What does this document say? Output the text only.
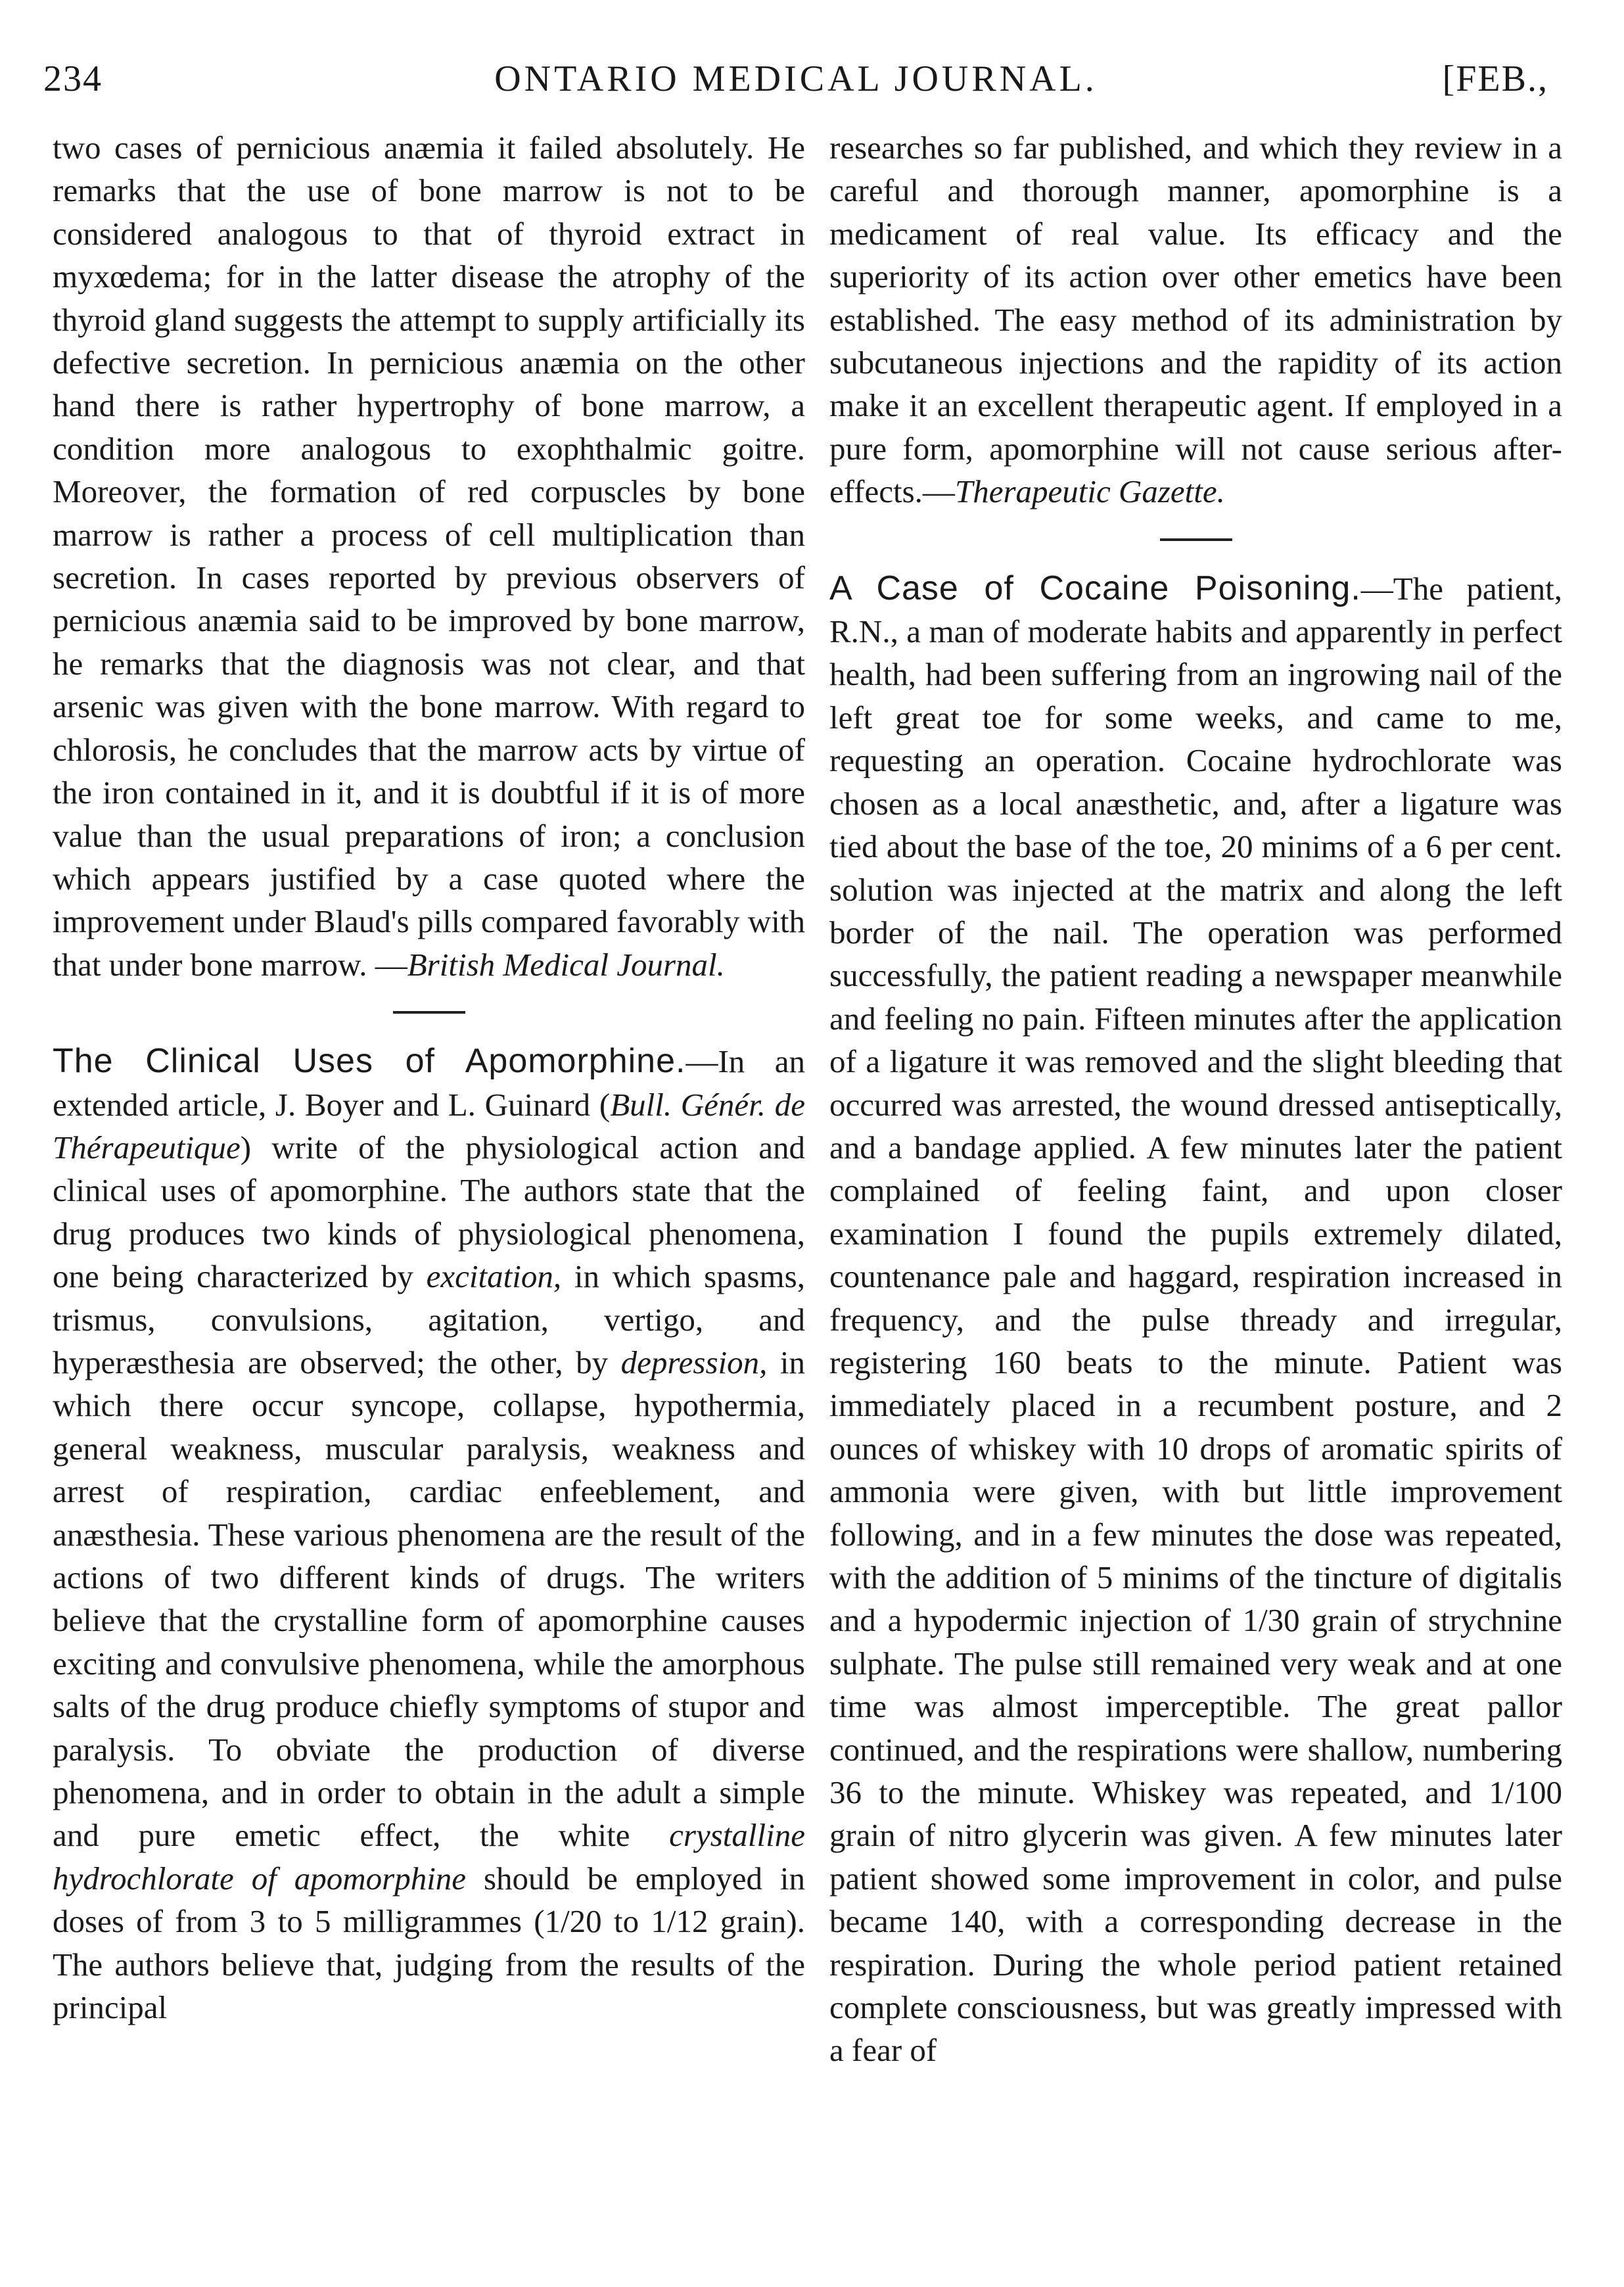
234	ONTARIO MEDICAL JOURNAL.	[FEB.,

two cases of pernicious anæmia it failed absolutely. He remarks that the use of bone marrow is not to be considered analogous to that of thyroid extract in myxœdema; for in the latter disease the atrophy of the thyroid gland suggests the attempt to supply artificially its defective secretion. In pernicious anæmia on the other hand there is rather hypertrophy of bone marrow, a condition more analogous to exophthalmic goitre. Moreover, the formation of red corpuscles by bone marrow is rather a process of cell multiplication than secretion. In cases reported by previous observers of pernicious anæmia said to be improved by bone marrow, he remarks that the diagnosis was not clear, and that arsenic was given with the bone marrow. With regard to chlorosis, he concludes that the marrow acts by virtue of the iron contained in it, and it is doubtful if it is of more value than the usual preparations of iron; a conclusion which appears justified by a case quoted where the improvement under Blaud's pills compared favorably with that under bone marrow. —British Medical Journal.

The Clinical Uses of Apomorphine.—In an extended article, J. Boyer and L. Guinard (Bull. Génér. de Thérapeutique) write of the physiological action and clinical uses of apomorphine. The authors state that the drug produces two kinds of physiological phenomena, one being characterized by excitation, in which spasms, trismus, convulsions, agitation, vertigo, and hyperæsthesia are observed; the other, by depression, in which there occur syncope, collapse, hypothermia, general weakness, muscular paralysis, weakness and arrest of respiration, cardiac enfeeblement, and anæsthesia. These various phenomena are the result of the actions of two different kinds of drugs. The writers believe that the crystalline form of apomorphine causes exciting and convulsive phenomena, while the amorphous salts of the drug produce chiefly symptoms of stupor and paralysis. To obviate the production of diverse phenomena, and in order to obtain in the adult a simple and pure emetic effect, the white crystalline hydrochlorate of apomorphine should be employed in doses of from 3 to 5 milligrammes (1/20 to 1/12 grain). The authors believe that, judging from the results of the principal

researches so far published, and which they review in a careful and thorough manner, apomorphine is a medicament of real value. Its efficacy and the superiority of its action over other emetics have been established. The easy method of its administration by subcutaneous injections and the rapidity of its action make it an excellent therapeutic agent. If employed in a pure form, apomorphine will not cause serious after-effects.—Therapeutic Gazette.

A Case of Cocaine Poisoning.—The patient, R.N., a man of moderate habits and apparently in perfect health, had been suffering from an ingrowing nail of the left great toe for some weeks, and came to me, requesting an operation. Cocaine hydrochlorate was chosen as a local anæsthetic, and, after a ligature was tied about the base of the toe, 20 minims of a 6 per cent. solution was injected at the matrix and along the left border of the nail. The operation was performed successfully, the patient reading a newspaper meanwhile and feeling no pain. Fifteen minutes after the application of a ligature it was removed and the slight bleeding that occurred was arrested, the wound dressed antiseptically, and a bandage applied. A few minutes later the patient complained of feeling faint, and upon closer examination I found the pupils extremely dilated, countenance pale and haggard, respiration increased in frequency, and the pulse thready and irregular, registering 160 beats to the minute. Patient was immediately placed in a recumbent posture, and 2 ounces of whiskey with 10 drops of aromatic spirits of ammonia were given, with but little improvement following, and in a few minutes the dose was repeated, with the addition of 5 minims of the tincture of digitalis and a hypodermic injection of 1/30 grain of strychnine sulphate. The pulse still remained very weak and at one time was almost imperceptible. The great pallor continued, and the respirations were shallow, numbering 36 to the minute. Whiskey was repeated, and 1/100 grain of nitro glycerin was given. A few minutes later patient showed some improvement in color, and pulse became 140, with a corresponding decrease in the respiration. During the whole period patient retained complete consciousness, but was greatly impressed with a fear of
